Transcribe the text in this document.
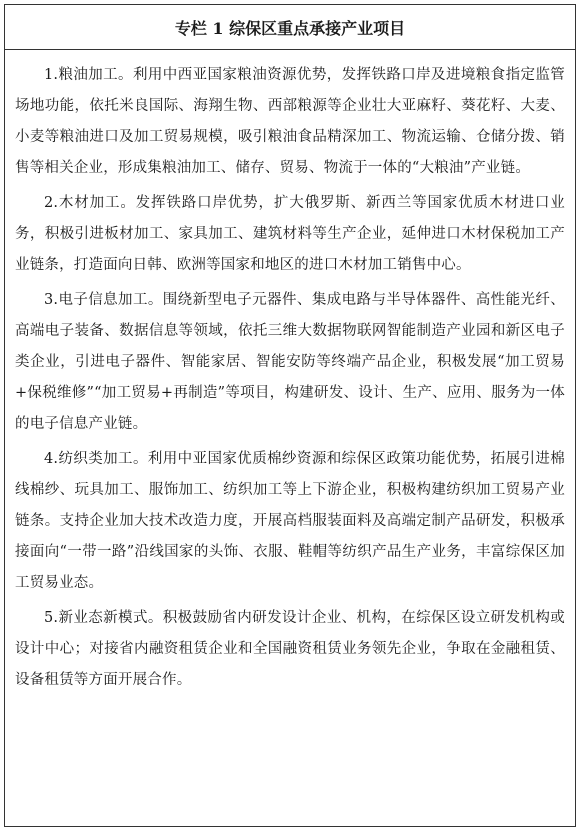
专栏 1 综保区重点承接产业项目

1.粮油加工。利用中西亚国家粮油资源优势，发挥铁路口岸及进境粮食指定监管场地功能，依托米良国际、海翔生物、西部粮源等企业壮大亚麻籽、葵花籽、大麦、小麦等粮油进口及加工贸易规模，吸引粮油食品精深加工、物流运输、仓储分拨、销售等相关企业，形成集粮油加工、储存、贸易、物流于一体的“大粮油”产业链。

2.木材加工。发挥铁路口岸优势，扩大俄罗斯、新西兰等国家优质木材进口业务，积极引进板材加工、家具加工、建筑材料等生产企业，延伸进口木材保税加工产业链条，打造面向日韩、欧洲等国家和地区的进口木材加工销售中心。

3.电子信息加工。围绕新型电子元器件、集成电路与半导体器件、高性能光纤、高端电子装备、数据信息等领域，依托三维大数据物联网智能制造产业园和新区电子类企业，引进电子器件、智能家居、智能安防等终端产品企业，积极发展“加工贸易+保税维修”“加工贸易+再制造”等项目，构建研发、设计、生产、应用、服务为一体的电子信息产业链。

4.纺织类加工。利用中亚国家优质棉纱资源和综保区政策功能优势，拓展引进棉线棉纱、玩具加工、服饰加工、纺织加工等上下游企业，积极构建纺织加工贸易产业链条。支持企业加大技术改造力度，开展高档服装面料及高端定制产品研发，积极承接面向“一带一路”沿线国家的头饰、衣服、鞋帽等纺织产品生产业务，丰富综保区加工贸易业态。

5.新业态新模式。积极鼓励省内研发设计企业、机构，在综保区设立研发机构或设计中心；对接省内融资租赁企业和全国融资租赁业务领先企业，争取在金融租赁、设备租赁等方面开展合作。
